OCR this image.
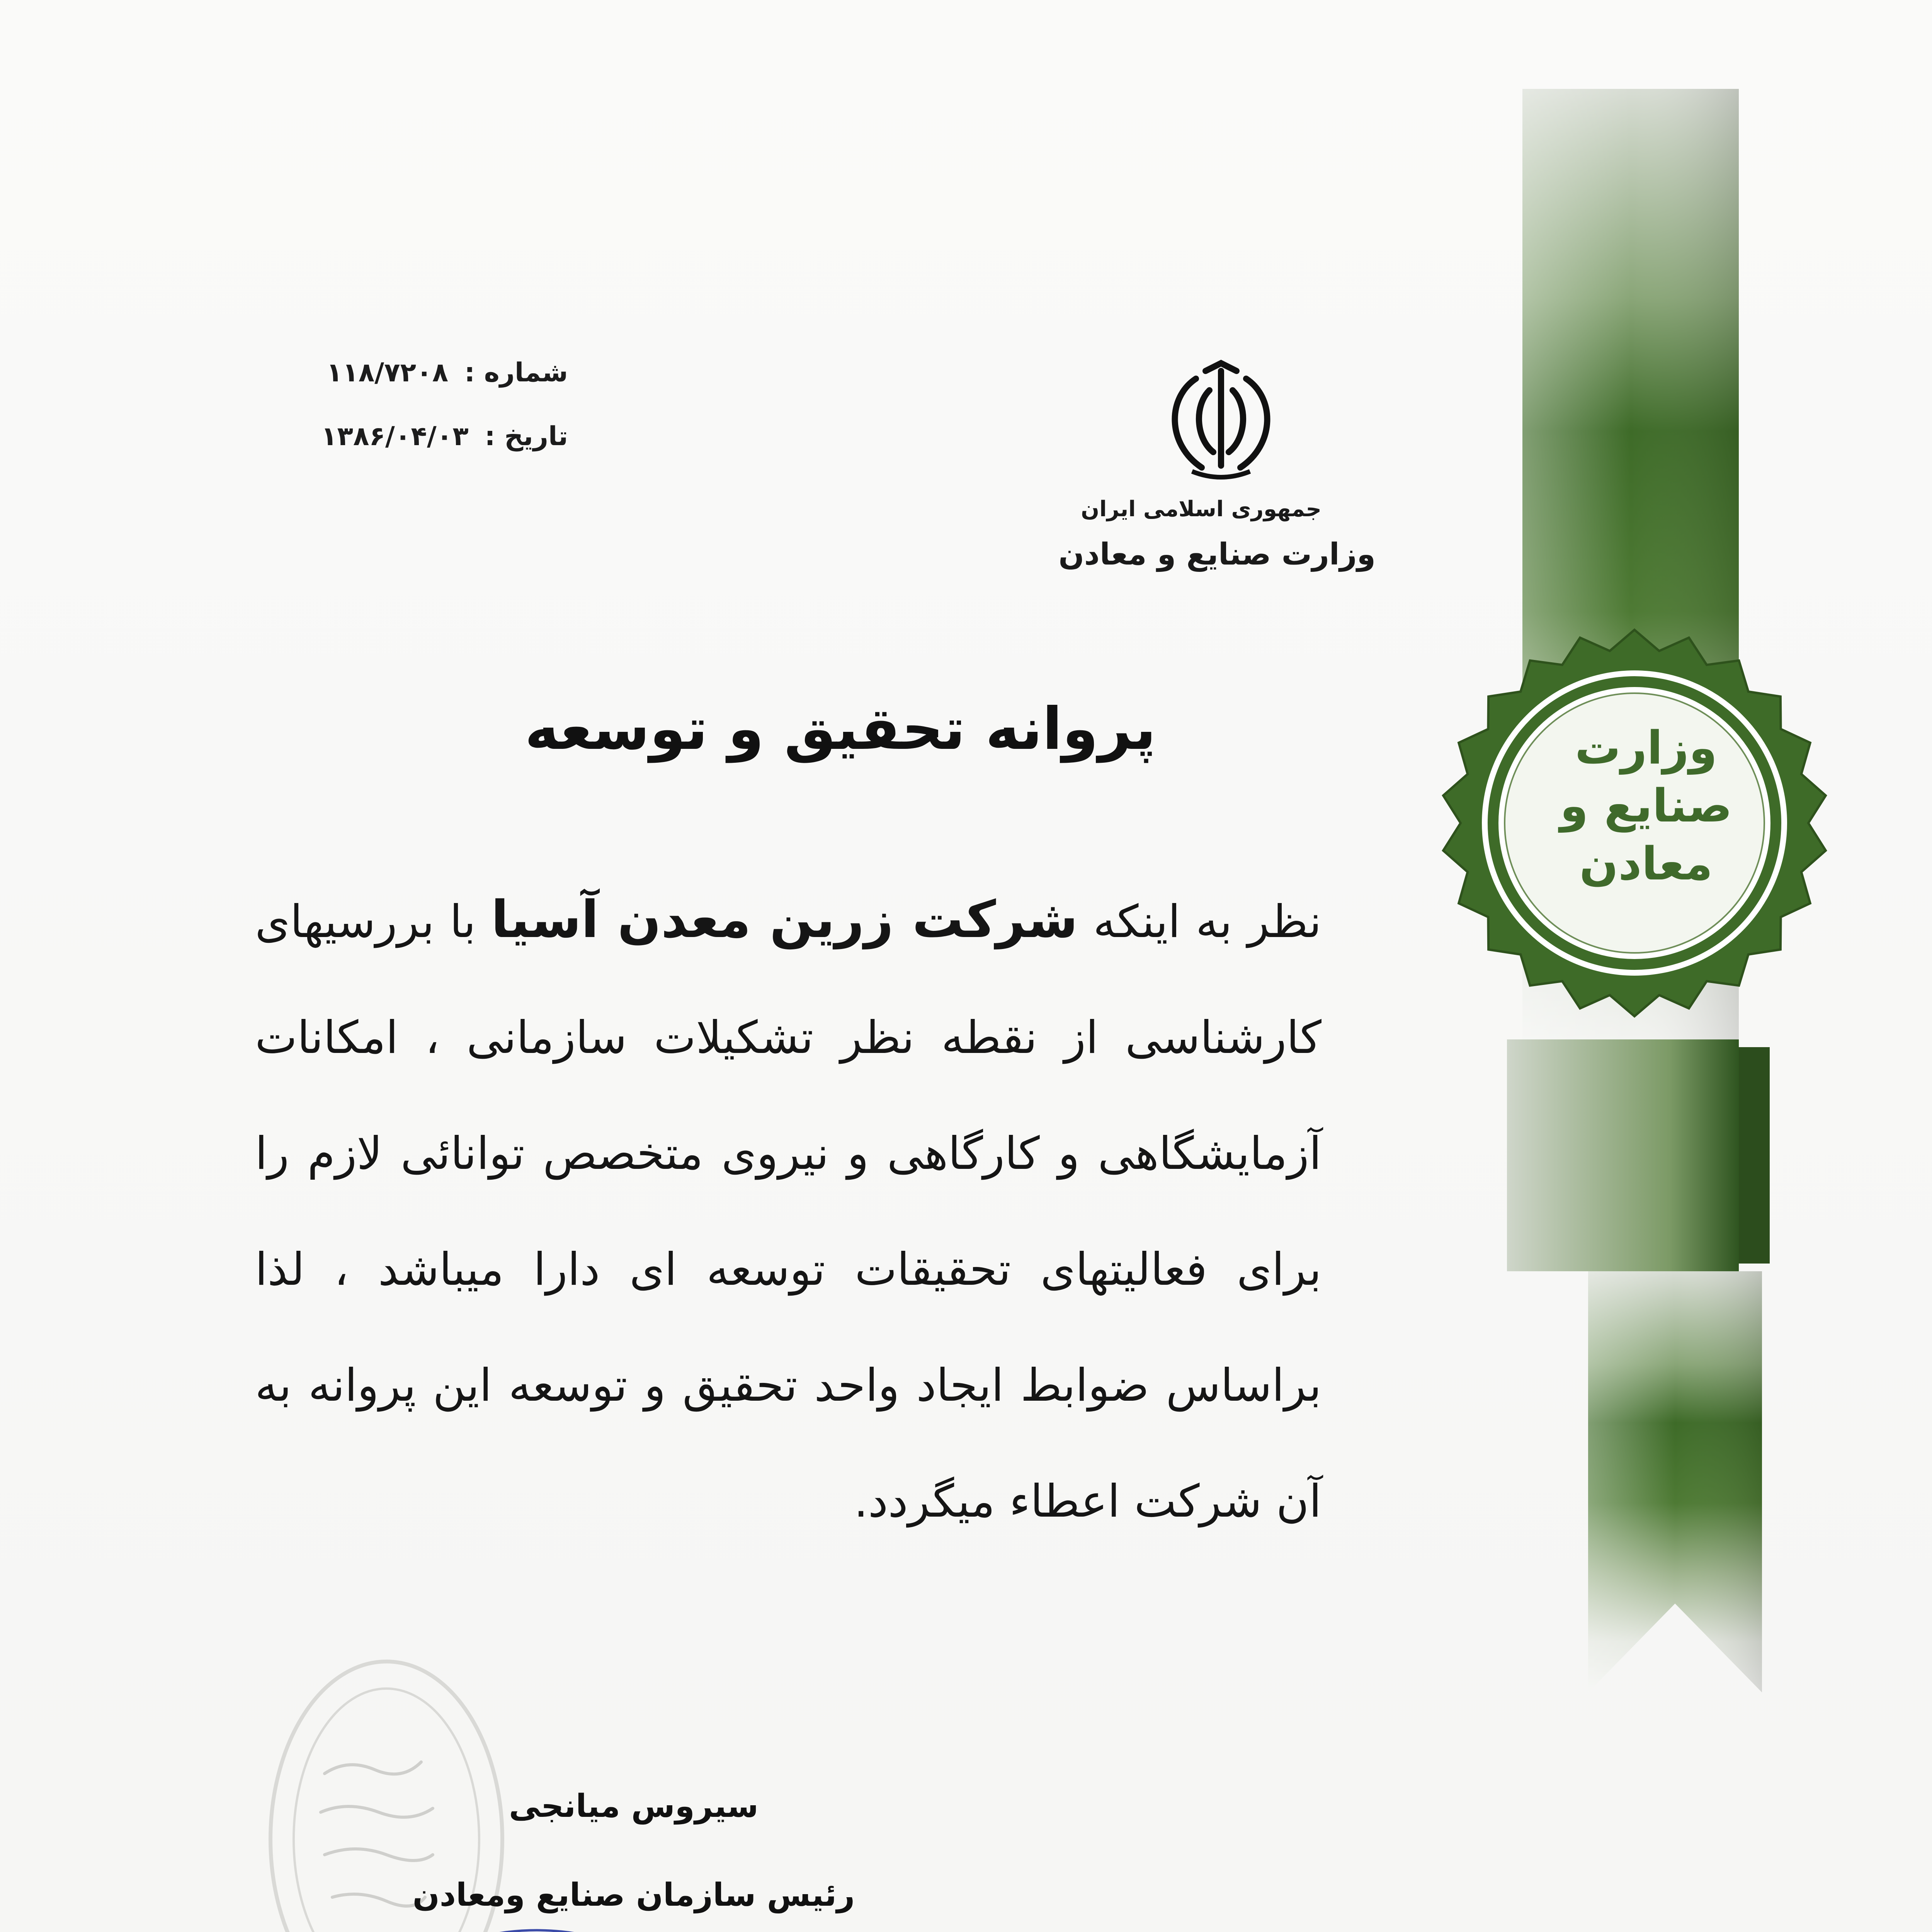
وزارت
صنایع و
معادن
جمهوری اسلامی ایران
وزارت صنایع و معادن
شماره : ۱۱۸/۷۲۰۸
تاریخ : ۱۳۸۶/۰۴/۰۳
پروانه تحقیق و توسعه
نظر به اینکه شرکت زرین معدن آسیا با بررسیهای کارشناسی از نقطه نظر تشکیلات سازمانی ، امکانات آزمایشگاهی و کارگاهی و نیروی متخصص توانائی لازم را برای فعالیتهای تحقیقات توسعه ای دارا میباشد ، لذا براساس ضوابط ایجاد واحد تحقیق و توسعه این پروانه به آن شرکت اعطاء میگردد.
سیروس میانجی
رئیس سازمان صنایع ومعادن
